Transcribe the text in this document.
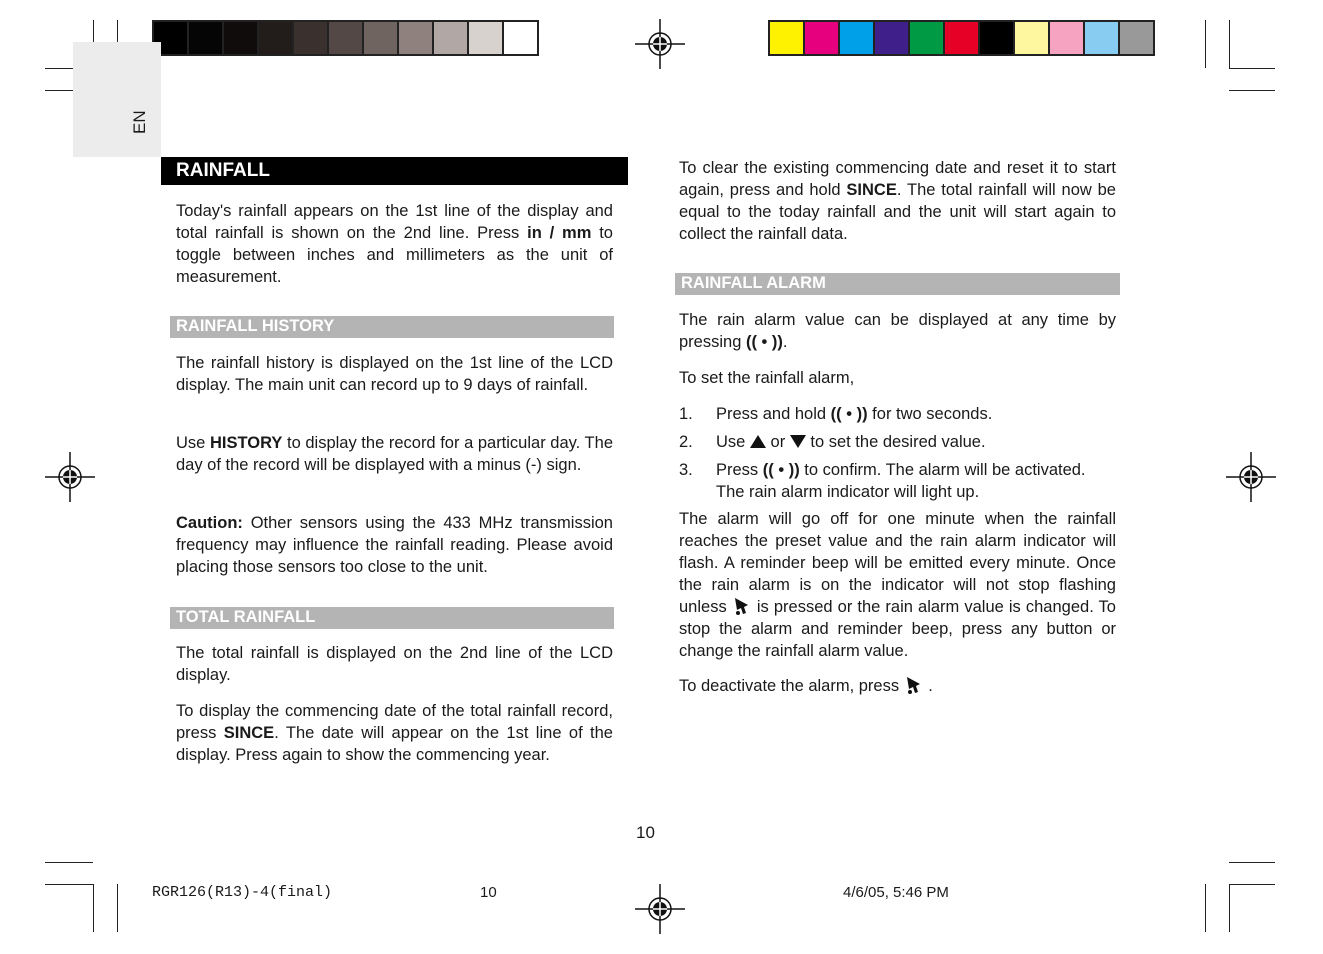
EN
RAINFALL

Today's rainfall appears on the 1st line of the display and total rainfall is shown on the 2nd line. Press in / mm to toggle between inches and millimeters as the unit of measurement.

RAINFALL HISTORY

The rainfall history is displayed on the 1st line of the LCD display. The main unit can record up to 9 days of rainfall.

Use HISTORY to display the record for a particular day. The day of the record will be displayed with a minus (-) sign.

Caution: Other sensors using the 433 MHz transmission frequency may influence the rainfall reading. Please avoid placing those sensors too close to the unit.

TOTAL RAINFALL

The total rainfall is displayed on the 2nd line of the LCD display.

To display the commencing date of the total rainfall record, press SINCE. The date will appear on the 1st line of the display. Press again to show the commencing year.

To clear the existing commencing date and reset it to start again, press and hold SINCE. The total rainfall will now be equal to the today rainfall and the unit will start again to collect the rainfall data.

RAINFALL ALARM

The rain alarm value can be displayed at any time by pressing (( • )).

To set the rainfall alarm,

1. Press and hold (( • )) for two seconds.
2. Use  or  to set the desired value.
3. Press (( • )) to confirm. The alarm will be activated. The rain alarm indicator will light up.

The alarm will go off for one minute when the rainfall reaches the preset value and the rain alarm indicator will flash. A reminder beep will be emitted every minute. Once the rain alarm is on the indicator will not stop flashing unless  is pressed or the rain alarm value is changed. To stop the alarm and reminder beep, press any button or change the rainfall alarm value.

To deactivate the alarm, press  .

10
RGR126(R13)-4(final)	10	4/6/05, 5:46 PM
